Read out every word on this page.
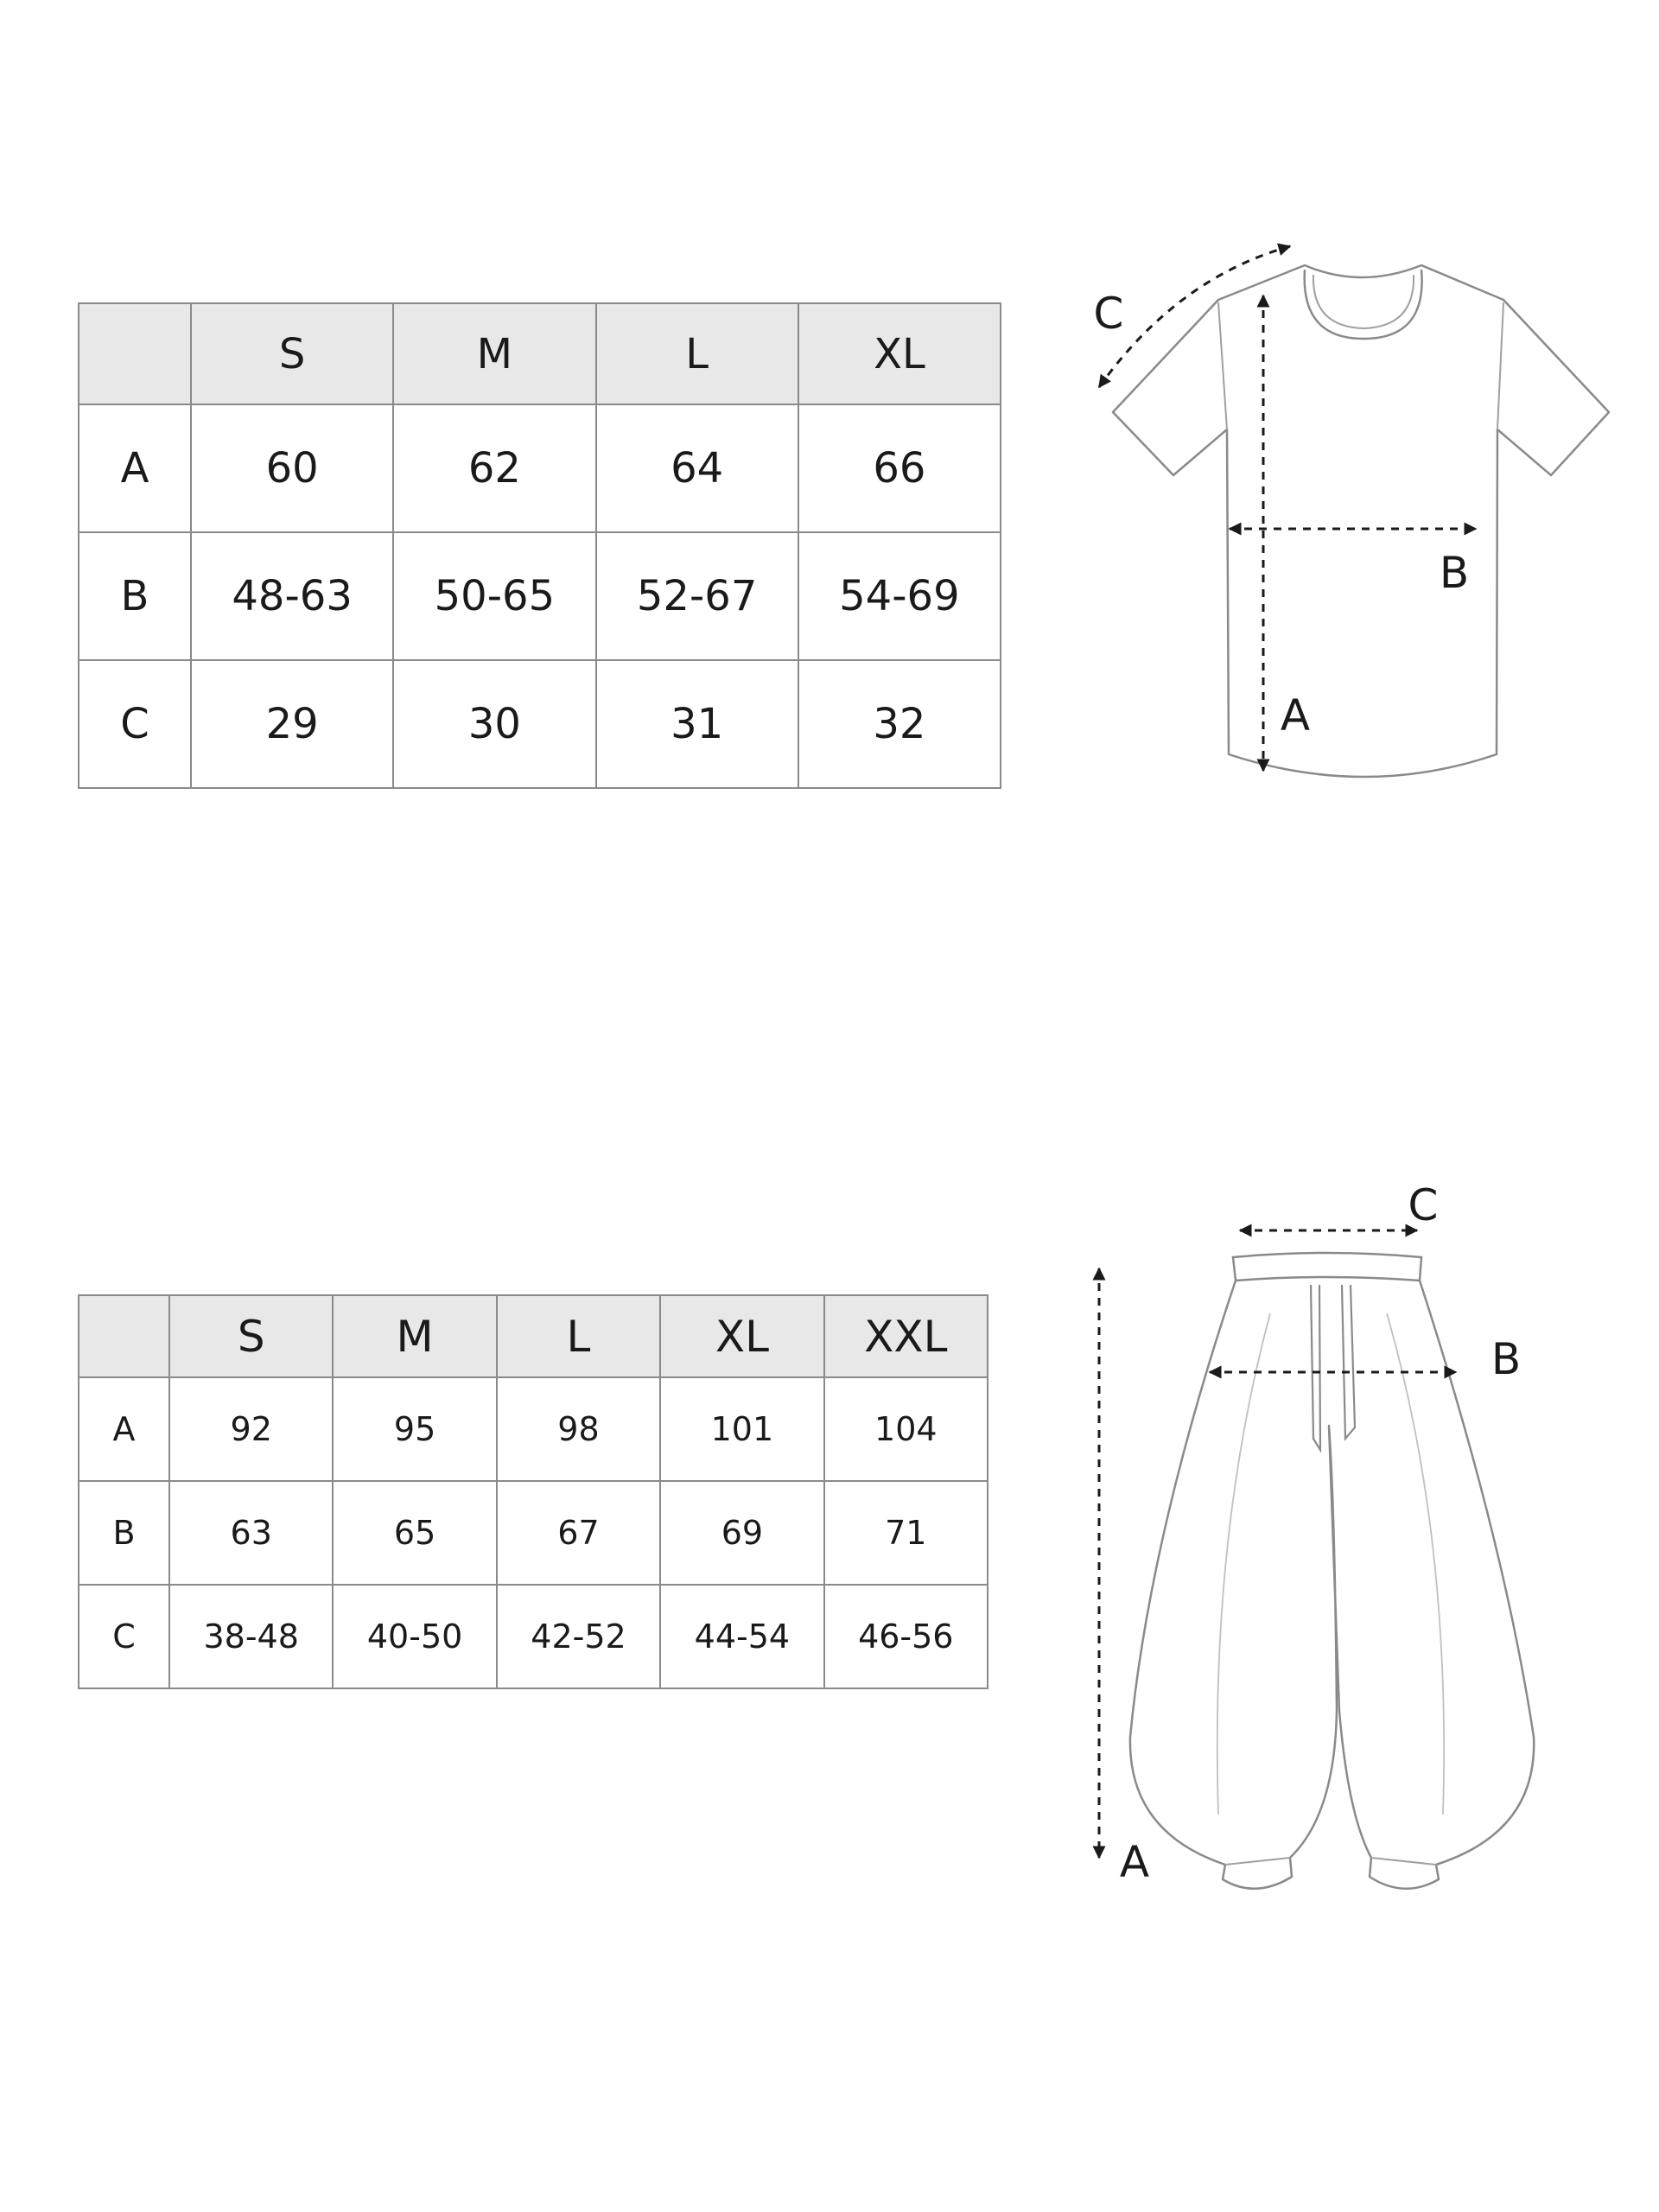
	S	M	L	XL
A	60	62	64	66
B	48-63	50-65	52-67	54-69
C	29	30	31	32
	S	M	L	XL	XXL
A	92	95	98	101	104
B	63	65	67	69	71
C	38-48	40-50	42-52	44-54	46-56
C
B
A
C
B
A
